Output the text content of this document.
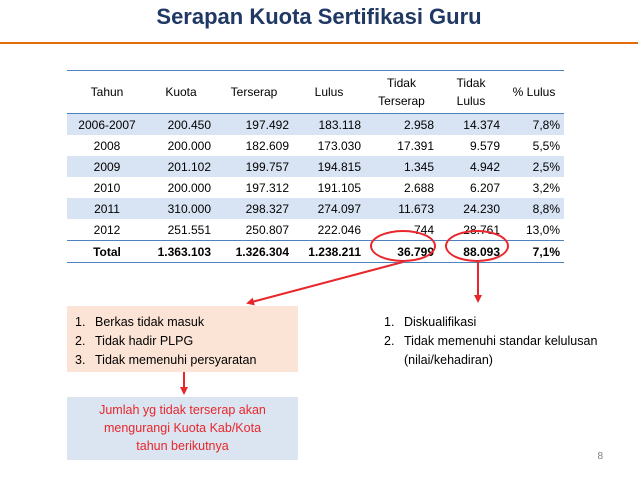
Serapan Kuota Sertifikasi Guru
Tahun	Kuota	Terserap	Lulus	Tidak Terserap	Tidak Lulus	% Lulus
2006-2007	200.450	197.492	183.118	2.958	14.374	7,8%
2008	200.000	182.609	173.030	17.391	9.579	5,5%
2009	201.102	199.757	194.815	1.345	4.942	2,5%
2010	200.000	197.312	191.105	2.688	6.207	3,2%
2011	310.000	298.327	274.097	11.673	24.230	8,8%
2012	251.551	250.807	222.046	744	28.761	13,0%
Total	1.363.103	1.326.304	1.238.211	36.799	88.093	7,1%
1. Berkas tidak masuk
2. Tidak hadir PLPG
3. Tidak memenuhi persyaratan
Jumlah yg tidak terserap akan
mengurangi Kuota Kab/Kota
tahun berikutnya
1. Diskualifikasi
2. Tidak memenuhi standar kelulusan (nilai/kehadiran)
8
